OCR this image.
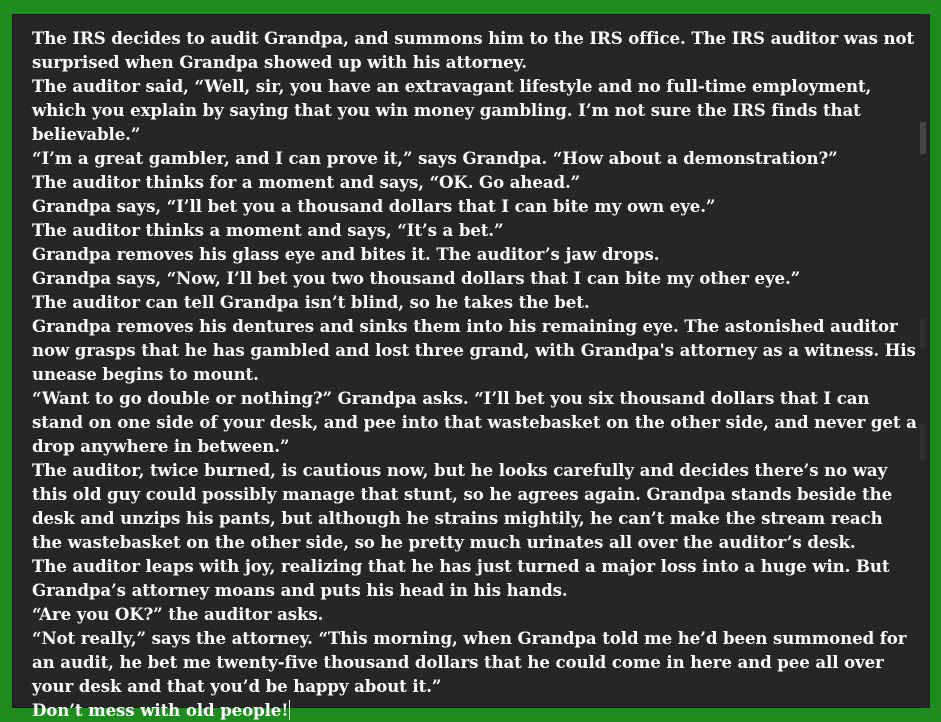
The IRS decides to audit Grandpa, and summons him to the IRS office. The IRS auditor was not surprised when Grandpa showed up with his attorney.

The auditor said, “Well, sir, you have an extravagant lifestyle and no full-time employment, which you explain by saying that you win money gambling. I’m not sure the IRS finds that believable.”

“I’m a great gambler, and I can prove it,” says Grandpa. “How about a demonstration?”

The auditor thinks for a moment and says, “OK. Go ahead.”

Grandpa says, “I’ll bet you a thousand dollars that I can bite my own eye.”

The auditor thinks a moment and says, “It’s a bet.”

Grandpa removes his glass eye and bites it. The auditor’s jaw drops.

Grandpa says, “Now, I’ll bet you two thousand dollars that I can bite my other eye.”

The auditor can tell Grandpa isn’t blind, so he takes the bet.

Grandpa removes his dentures and sinks them into his remaining eye. The astonished auditor now grasps that he has gambled and lost three grand, with Grandpa's attorney as a witness. His unease begins to mount.

“Want to go double or nothing?” Grandpa asks. “I’ll bet you six thousand dollars that I can stand on one side of your desk, and pee into that wastebasket on the other side, and never get a drop anywhere in between.”

The auditor, twice burned, is cautious now, but he looks carefully and decides there’s no way this old guy could possibly manage that stunt, so he agrees again. Grandpa stands beside the desk and unzips his pants, but although he strains mightily, he can’t make the stream reach the wastebasket on the other side, so he pretty much urinates all over the auditor’s desk.

The auditor leaps with joy, realizing that he has just turned a major loss into a huge win. But Grandpa’s attorney moans and puts his head in his hands.

“Are you OK?” the auditor asks.

“Not really,” says the attorney. “This morning, when Grandpa told me he’d been summoned for an audit, he bet me twenty-five thousand dollars that he could come in here and pee all over your desk and that you’d be happy about it.”

Don’t mess with old people!
